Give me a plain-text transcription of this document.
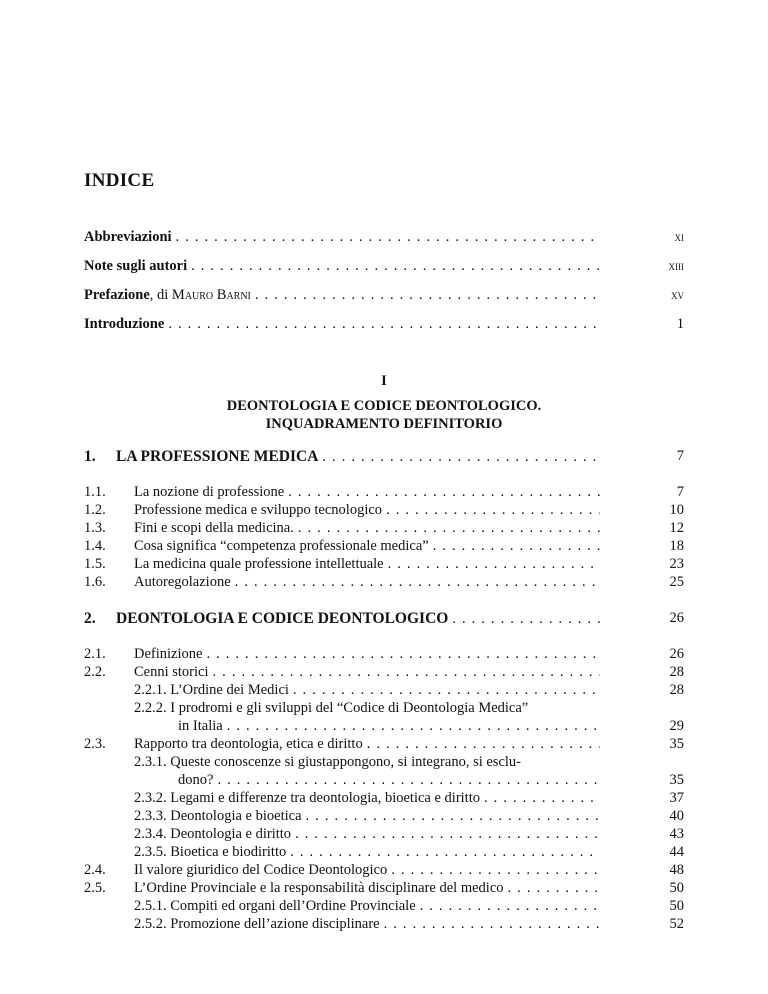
INDICE
Abbreviazioni . . .	xi
Note sugli autori . . .	xiii
Prefazione, di Mauro Barni . . .	xv
Introduzione . . .	1
I
DEONTOLOGIA E CODICE DEONTOLOGICO.
INQUADRAMENTO DEFINITORIO
1. LA PROFESSIONE MEDICA . . .	7
1.1. La nozione di professione . . .	7
1.2. Professione medica e sviluppo tecnologico . . .	10
1.3. Fini e scopi della medicina. . . .	12
1.4. Cosa significa “competenza professionale medica” . . .	18
1.5. La medicina quale professione intellettuale . . .	23
1.6. Autoregolazione . . .	25
2. DEONTOLOGIA E CODICE DEONTOLOGICO . . .	26
2.1. Definizione . . .	26
2.2. Cenni storici . . .	28
2.2.1. L’Ordine dei Medici . . .	28
2.2.2. I prodromi e gli sviluppi del “Codice di Deontologia Medica”
in Italia . . .	29
2.3. Rapporto tra deontologia, etica e diritto . . .	35
2.3.1. Queste conoscenze si giustappongono, si integrano, si esclu-
dono? . . .	35
2.3.2. Legami e differenze tra deontologia, bioetica e diritto . . .	37
2.3.3. Deontologia e bioetica . . .	40
2.3.4. Deontologia e diritto . . .	43
2.3.5. Bioetica e biodiritto . . .	44
2.4. Il valore giuridico del Codice Deontologico . . .	48
2.5. L’Ordine Provinciale e la responsabilità disciplinare del medico . . .	50
2.5.1. Compiti ed organi dell’Ordine Provinciale . . .	50
2.5.2. Promozione dell’azione disciplinare . . .	52
